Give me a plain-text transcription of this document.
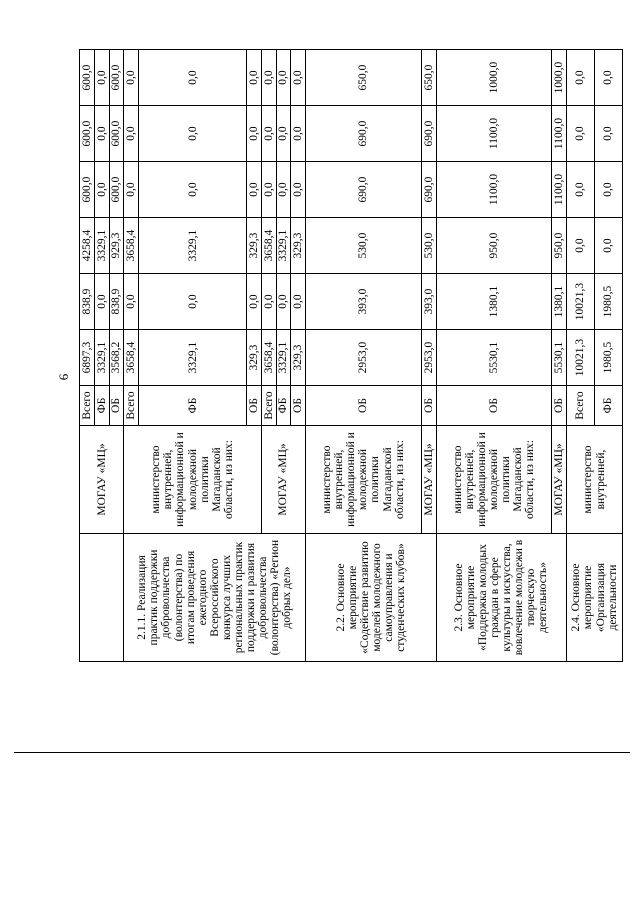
6
	МОГАУ «МЦ»	Всего	6897,3	838,9	4258,4	600,0	600,0	600,0
		ФБ	3329,1	0,0	3329,1	0,0	0,0	0,0
		ОБ	3568,2	838,9	929,3	600,0	600,0	600,0
2.1.1. Реализация практик поддержки добровольчества (волонтерства) по итогам проведения ежегодного Всероссийского конкурса лучших региональных практик поддержки и развития добровольчества (волонтерства) «Регион добрых дел»	министерство внутренней, информационной и молодежной политики Магаданской области, из них:	Всего	3658,4	0,0	3658,4	0,0	0,0	0,0
		ФБ	3329,1	0,0	3329,1	0,0	0,0	0,0
		ОБ	329,3	0,0	329,3	0,0	0,0	0,0
	МОГАУ «МЦ»	Всего	3658,4	0,0	3658,4	0,0	0,0	0,0
		ФБ	3329,1	0,0	3329,1	0,0	0,0	0,0
		ОБ	329,3	0,0	329,3	0,0	0,0	0,0
2.2. Основное мероприятие «Содействие развитию моделей молодежного самоуправления и студенческих клубов»	министерство внутренней, информационной и молодежной политики Магаданской области, из них:	ОБ	2953,0	393,0	530,0	690,0	690,0	650,0
	МОГАУ «МЦ»	ОБ	2953,0	393,0	530,0	690,0	690,0	650,0
2.3. Основное мероприятие «Поддержка молодых граждан в сфере культуры и искусства, вовлечение молодежи в творческую деятельность»	министерство внутренней, информационной и молодежной политики Магаданской области, из них:	ОБ	5530,1	1380,1	950,0	1100,0	1100,0	1000,0
	МОГАУ «МЦ»	ОБ	5530,1	1380,1	950,0	1100,0	1100,0	1000,0
2.4. Основное мероприятие «Организация деятельности	министерство внутренней,	Всего	10021,3	10021,3	0,0	0,0	0,0	0,0
		ФБ	1980,5	1980,5	0,0	0,0	0,0	0,0
